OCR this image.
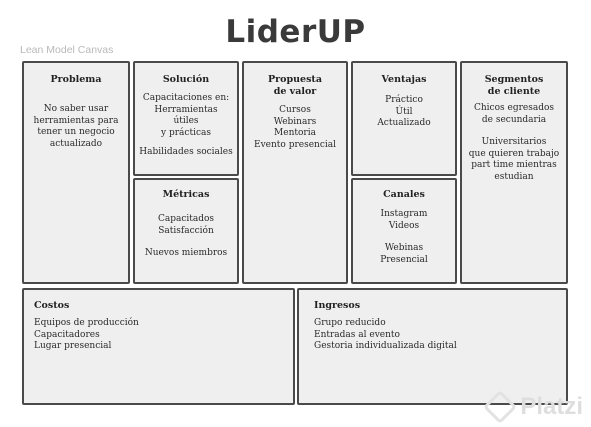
LiderUP
Lean Model Canvas
Problema

No saber usar

herramientas para

tener un negocio

actualizado

Solución

Capacitaciones en:

Herramientas

útiles

y prácticas

Habilidades sociales

Métricas

Capacitados

Satisfacción

Nuevos miembros

Propuesta
de valor

Cursos

Webinars

Mentoria

Evento presencial

Ventajas

Práctico

Útil

Actualizado

Canales

Instagram

Videos

Webinas

Presencial

Segmentos
de cliente

Chicos egresados

de secundaria

Universitarios

que quieren trabajo

part time mientras

estudian

Costos

Equipos de producción

Capacitadores

Lugar presencial

Ingresos

Grupo reducido

Entradas al evento

Gestoria individualizada digital

Platzi
